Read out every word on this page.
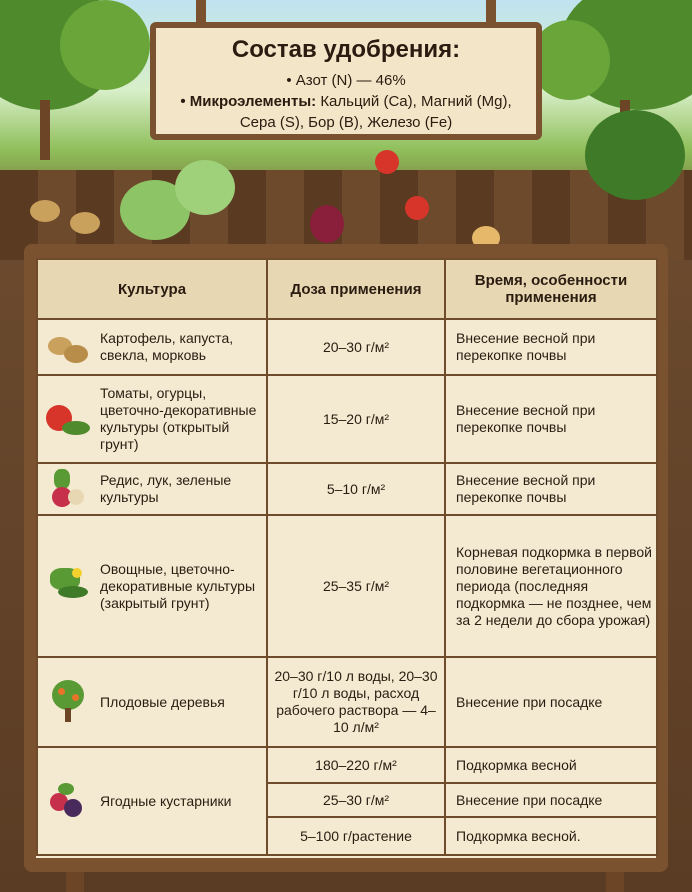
Состав удобрения:
• Азот (N) — 46%
• Микроэлементы: Кальций (Ca), Магний (Mg),
Сера (S), Бор (B), Железо (Fe)
Культура	Доза применения	Время, особенности применения

Картофель, капуста, свекла, морковь	20–30 г/м²	Внесение весной при перекопке почвы

Томаты, огурцы, цветочно-декоративные культуры (открытый грунт)	15–20 г/м²	Внесение весной при перекопке почвы

Редис, лук, зеленые культуры	5–10 г/м²	Внесение весной при перекопке почвы

Овощные, цветочно-декоративные культуры (закрытый грунт)	25–35 г/м²	Корневая подкормка в первой половине вегетационного периода (последняя подкормка — не позднее, чем за 2 недели до сбора урожая)

Плодовые деревья	20–30 г/10 л воды, 20–30 г/10 л воды, расход рабочего раствора — 4–10 л/м²	Внесение при посадке

Ягодные кустарники	180–220 г/м²	Подкормка весной
	25–30 г/м²	Внесение при посадке
	5–100 г/растение	Подкормка весной.
